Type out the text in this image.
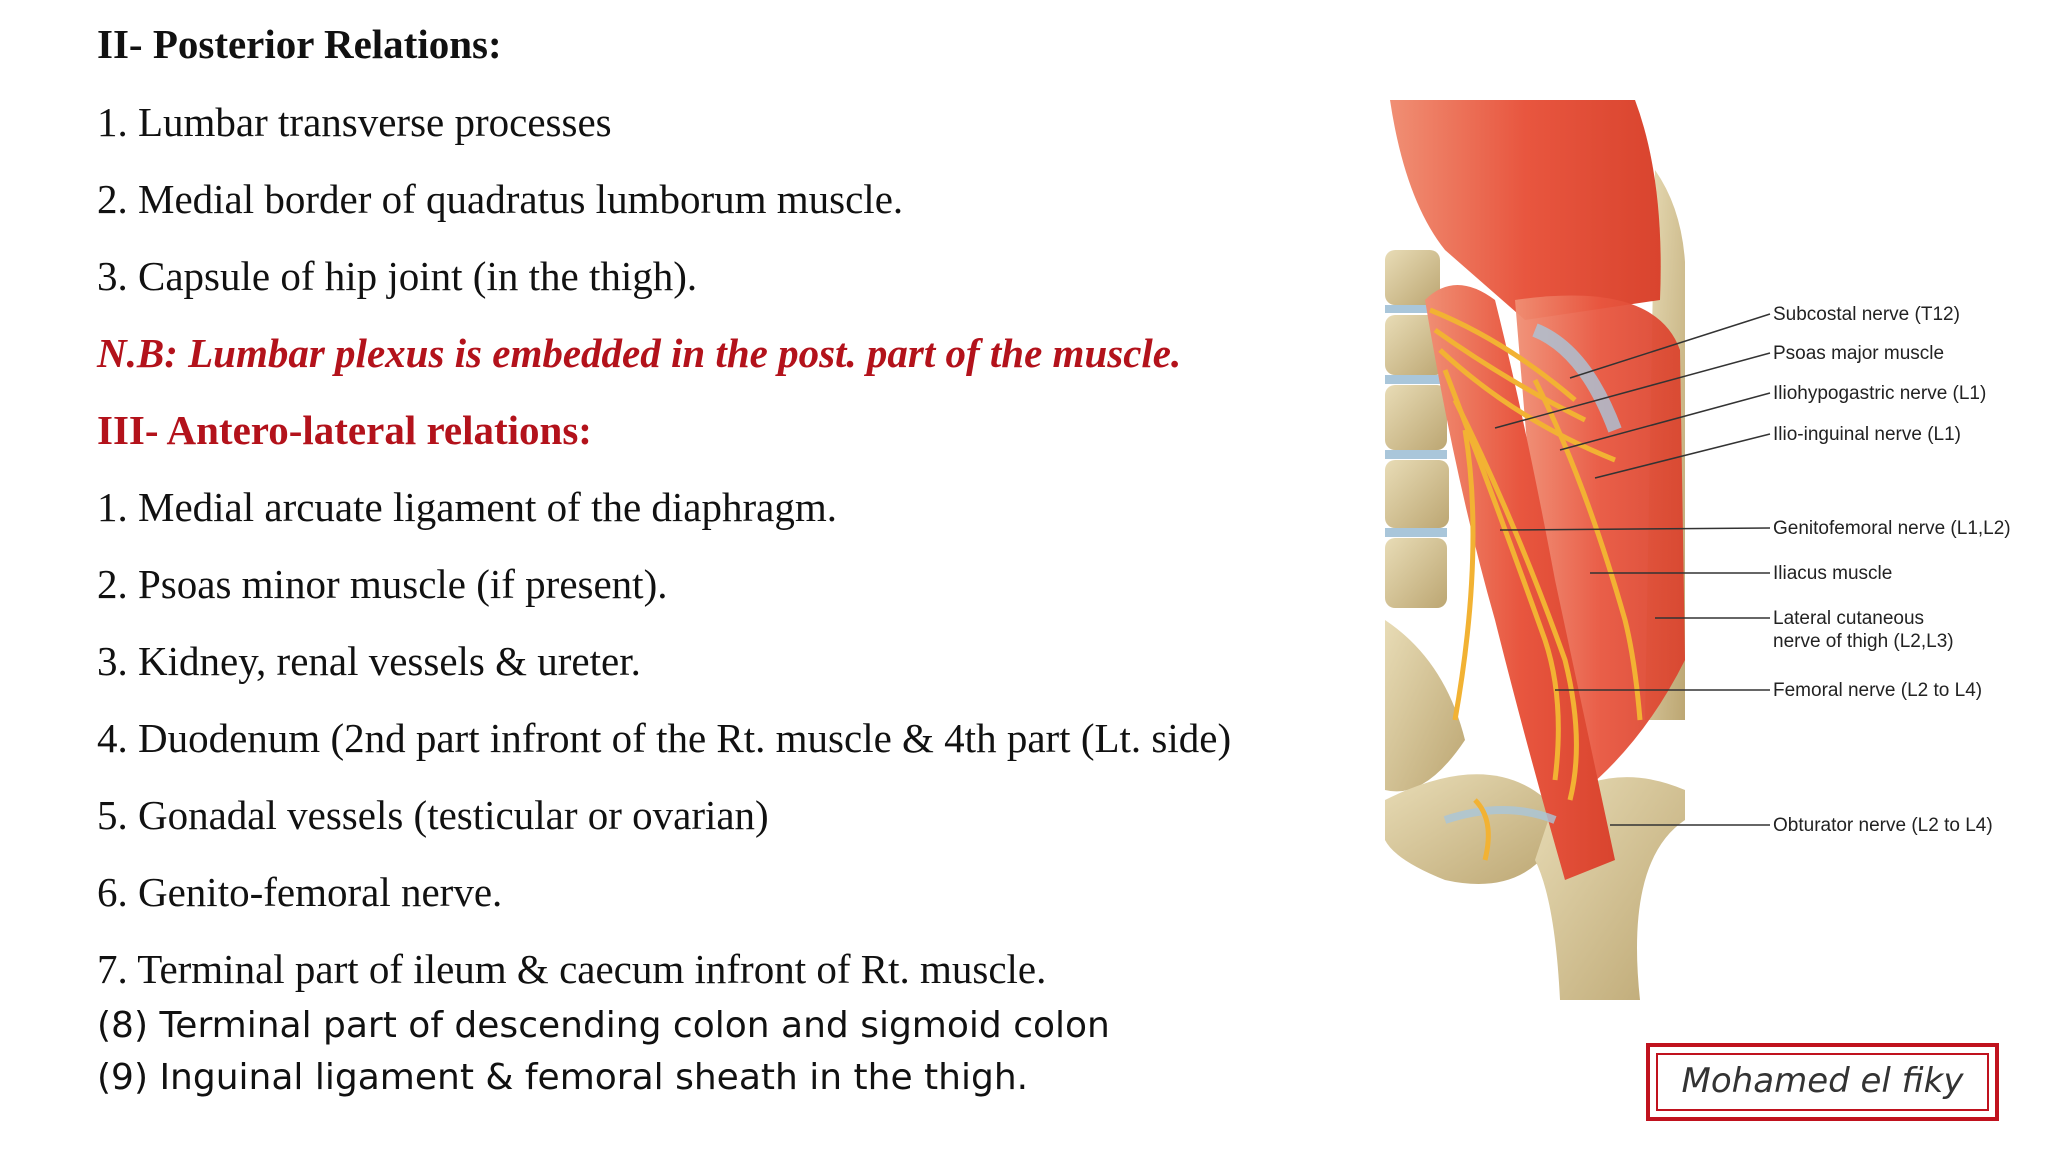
II- Posterior Relations:
1. Lumbar transverse processes
2. Medial border of quadratus lumborum muscle.
3. Capsule of hip joint (in the thigh).
N.B: Lumbar plexus is embedded in the post. part of the muscle.
III- Antero-lateral relations:
1. Medial arcuate ligament of the diaphragm.
2. Psoas minor muscle (if present).
3. Kidney, renal vessels & ureter.
4. Duodenum (2nd part infront of the Rt. muscle & 4th part (Lt. side)
5. Gonadal vessels (testicular or ovarian)
6. Genito-femoral nerve.
7. Terminal part of ileum & caecum infront of Rt. muscle.
(8) Terminal part of descending colon and sigmoid colon
(9) Inguinal ligament & femoral sheath in the thigh.
Subcostal nerve (T12)
Psoas major muscle
Iliohypogastric nerve (L1)
Ilio-inguinal nerve (L1)
Genitofemoral nerve (L1,L2)
Iliacus muscle
Lateral cutaneous
nerve of thigh (L2,L3)
Femoral nerve (L2 to L4)
Obturator nerve (L2 to L4)
Mohamed el fiky
